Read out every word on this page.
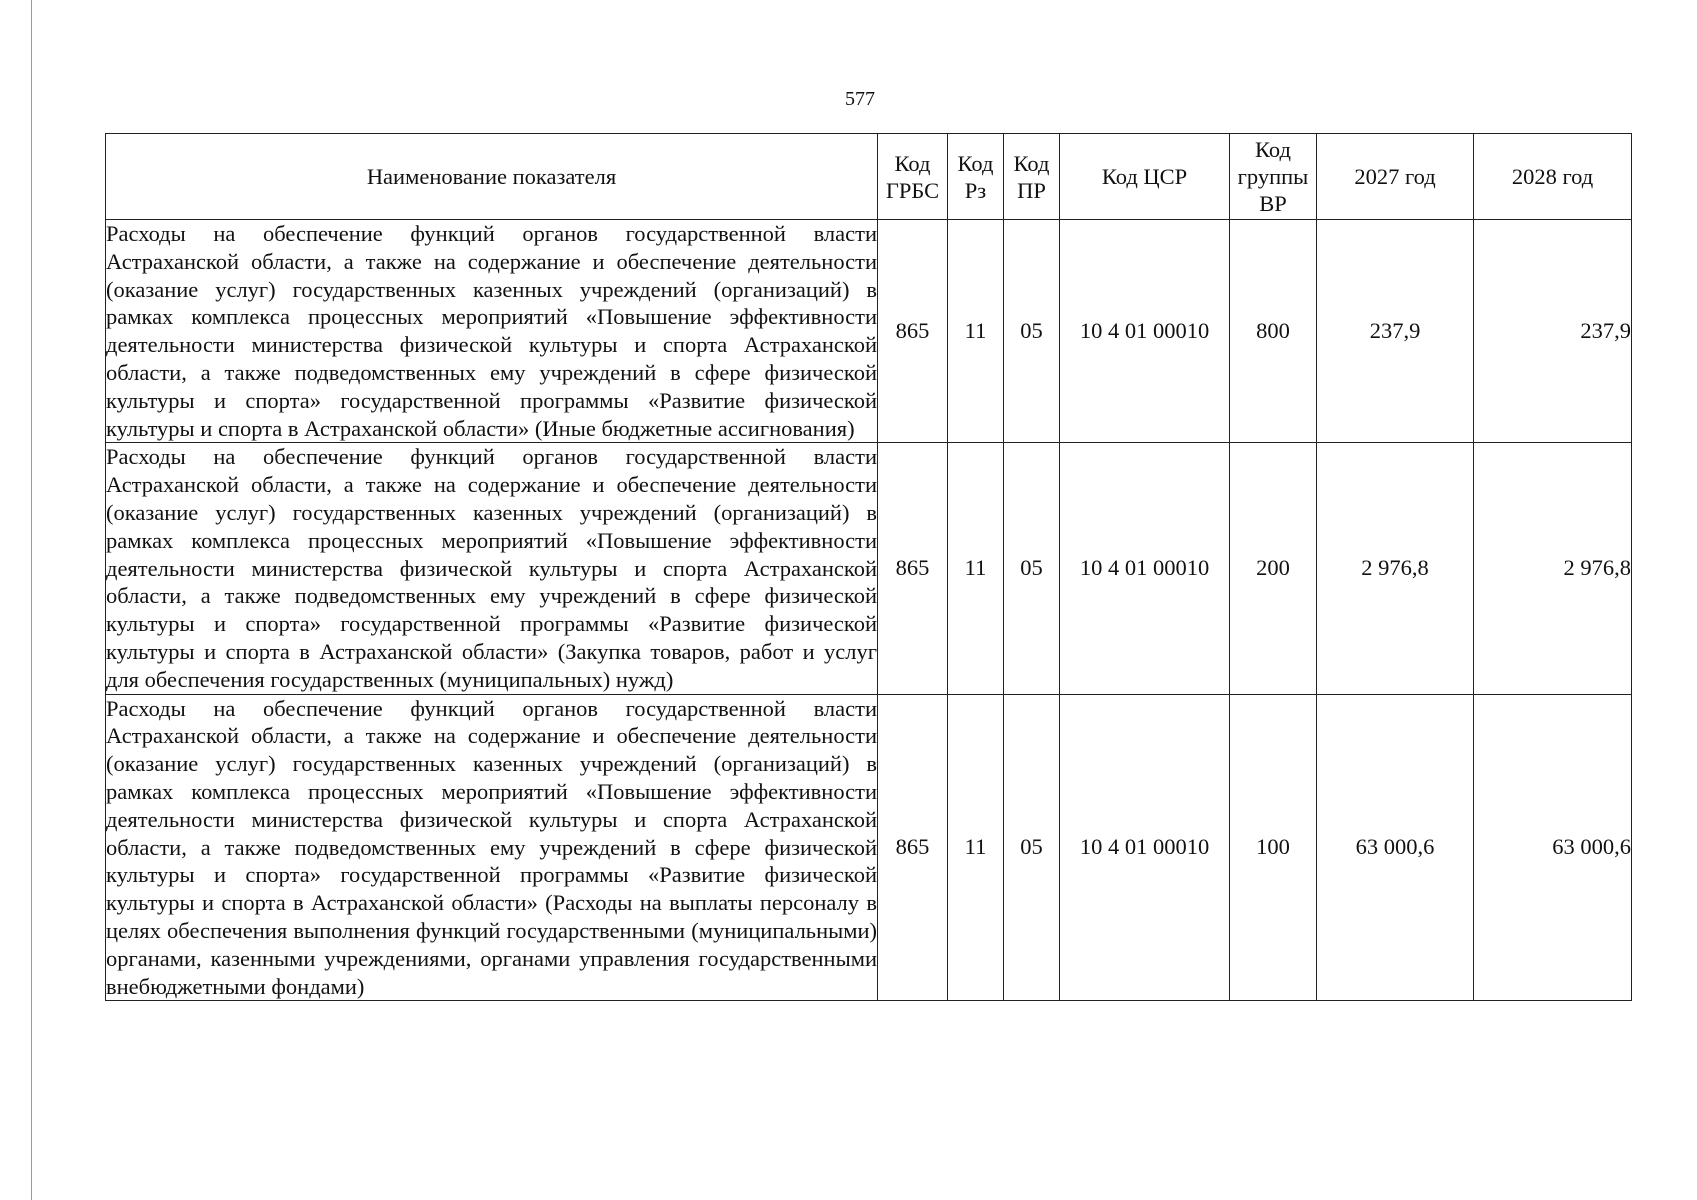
577
Наименование показателя	Код ГРБС	Код Рз	Код ПР	Код ЦСР	Код группы ВР	2027 год	2028 год
Расходы на обеспечение функций органов государственной власти Астраханской области, а также на содержание и обеспечение деятельности (оказание услуг) государственных казенных учреждений (организаций) в рамках комплекса процессных мероприятий «Повышение эффективности деятельности министерства физической культуры и спорта Астраханской области, а также подведомственных ему учреждений в сфере физической культуры и спорта» государственной программы «Развитие физической культуры и спорта в Астраханской области» (Иные бюджетные ассигнования)	865	11	05	10 4 01 00010	800	237,9	237,9
Расходы на обеспечение функций органов государственной власти Астраханской области, а также на содержание и обеспечение деятельности (оказание услуг) государственных казенных учреждений (организаций) в рамках комплекса процессных мероприятий «Повышение эффективности деятельности министерства физической культуры и спорта Астраханской области, а также подведомственных ему учреждений в сфере физической культуры и спорта» государственной программы «Развитие физической культуры и спорта в Астраханской области» (Закупка товаров, работ и услуг для обеспечения государственных (муниципальных) нужд)	865	11	05	10 4 01 00010	200	2 976,8	2 976,8
Расходы на обеспечение функций органов государственной власти Астраханской области, а также на содержание и обеспечение деятельности (оказание услуг) государственных казенных учреждений (организаций) в рамках комплекса процессных мероприятий «Повышение эффективности деятельности министерства физической культуры и спорта Астраханской области, а также подведомственных ему учреждений в сфере физической культуры и спорта» государственной программы «Развитие физической культуры и спорта в Астраханской области» (Расходы на выплаты персоналу в целях обеспечения выполнения функций государственными (муниципальными) органами, казенными учреждениями, органами управления государственными внебюджетными фондами)	865	11	05	10 4 01 00010	100	63 000,6	63 000,6
